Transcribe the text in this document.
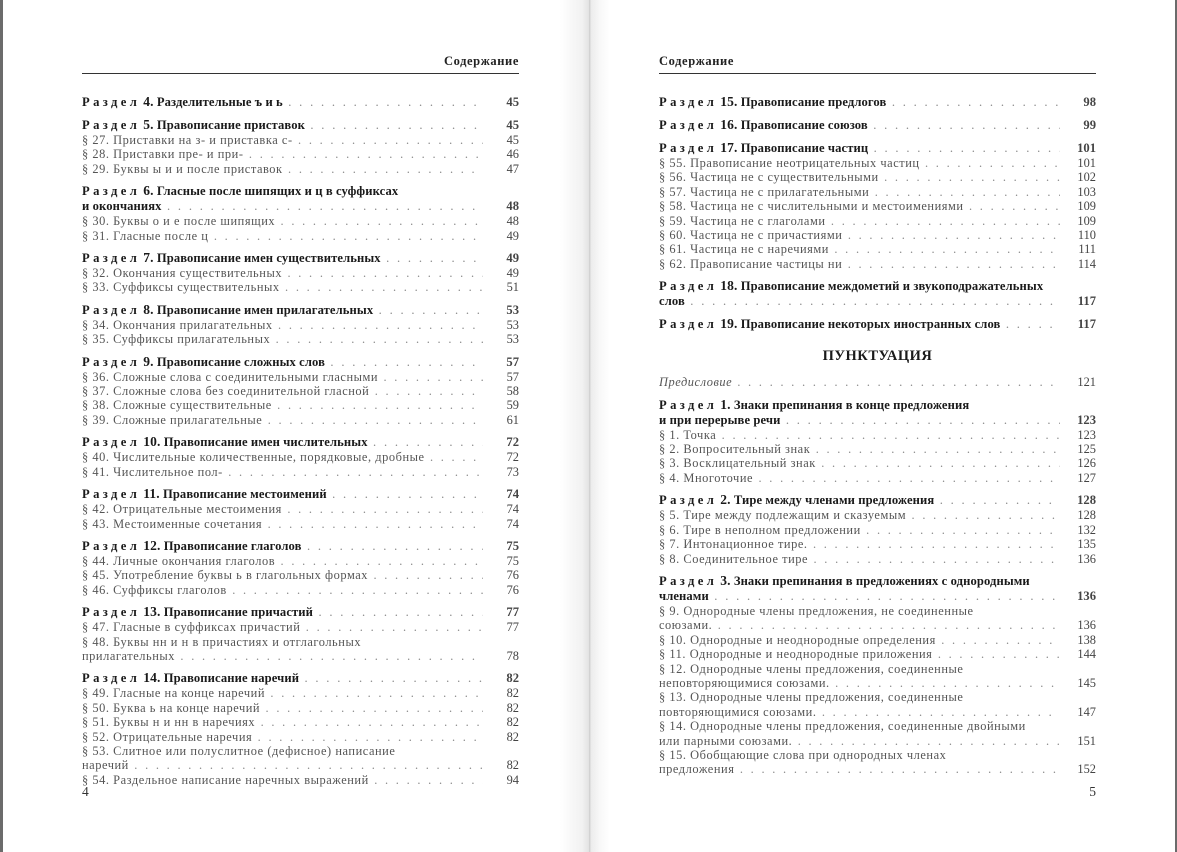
Содержание
Раздел 4. Разделительные ъ и ь . . .	45
Раздел 5. Правописание приставок . . .	45
§ 27. Приставки на з- и приставка с- . . .	45
§ 28. Приставки пре- и при- . . .	46
§ 29. Буквы ы и и после приставок . . .	47
Раздел 6. Гласные после шипящих и ц в суффиксах
и окончаниях . . .	48
§ 30. Буквы о и е после шипящих . . .	48
§ 31. Гласные после ц . . .	49
Раздел 7. Правописание имен существительных . . .	49
§ 32. Окончания существительных . . .	49
§ 33. Суффиксы существительных . . .	51
Раздел 8. Правописание имен прилагательных . . .	53
§ 34. Окончания прилагательных . . .	53
§ 35. Суффиксы прилагательных . . .	53
Раздел 9. Правописание сложных слов . . .	57
§ 36. Сложные слова с соединительными гласными . . .	57
§ 37. Сложные слова без соединительной гласной . . .	58
§ 38. Сложные существительные . . .	59
§ 39. Сложные прилагательные . . .	61
Раздел 10. Правописание имен числительных . . .	72
§ 40. Числительные количественные, порядковые, дробные . . .	72
§ 41. Числительное пол- . . .	73
Раздел 11. Правописание местоимений . . .	74
§ 42. Отрицательные местоимения . . .	74
§ 43. Местоименные сочетания . . .	74
Раздел 12. Правописание глаголов . . .	75
§ 44. Личные окончания глаголов . . .	75
§ 45. Употребление буквы ь в глагольных формах . . .	76
§ 46. Суффиксы глаголов . . .	76
Раздел 13. Правописание причастий . . .	77
§ 47. Гласные в суффиксах причастий . . .	77
§ 48. Буквы нн и н в причастиях и отглагольных
прилагательных . . .	78
Раздел 14. Правописание наречий . . .	82
§ 49. Гласные на конце наречий . . .	82
§ 50. Буква ь на конце наречий . . .	82
§ 51. Буквы н и нн в наречиях . . .	82
§ 52. Отрицательные наречия . . .	82
§ 53. Слитное или полуслитное (дефисное) написание
наречий . . .	82
§ 54. Раздельное написание наречных выражений . . .	94
4
Содержание
Раздел 15. Правописание предлогов . . .	98
Раздел 16. Правописание союзов . . .	99
Раздел 17. Правописание частиц . . .	101
§ 55. Правописание неотрицательных частиц . . .	101
§ 56. Частица не с существительными . . .	102
§ 57. Частица не с прилагательными . . .	103
§ 58. Частица не с числительными и местоимениями . . .	109
§ 59. Частица не с глаголами . . .	109
§ 60. Частица не с причастиями . . .	110
§ 61. Частица не с наречиями . . .	111
§ 62. Правописание частицы ни . . .	114
Раздел 18. Правописание междометий и звукоподражательных
слов . . .	117
Раздел 19. Правописание некоторых иностранных слов . . .	117
ПУНКТУАЦИЯ
Предисловие . . .	121
Раздел 1. Знаки препинания в конце предложения
и при перерыве речи . . .	123
§ 1. Точка . . .	123
§ 2. Вопросительный знак . . .	125
§ 3. Восклицательный знак . . .	126
§ 4. Многоточие . . .	127
Раздел 2. Тире между членами предложения . . .	128
§ 5. Тире между подлежащим и сказуемым . . .	128
§ 6. Тире в неполном предложении . . .	132
§ 7. Интонационное тире. . . .	135
§ 8. Соединительное тире . . .	136
Раздел 3. Знаки препинания в предложениях с однородными
членами . . .	136
§ 9. Однородные члены предложения, не соединенные
союзами. . . .	136
§ 10. Однородные и неоднородные определения . . .	138
§ 11. Однородные и неоднородные приложения . . .	144
§ 12. Однородные члены предложения, соединенные
неповторяющимися союзами. . . .	145
§ 13. Однородные члены предложения, соединенные
повторяющимися союзами. . . .	147
§ 14. Однородные члены предложения, соединенные двойными
или парными союзами. . . .	151
§ 15. Обобщающие слова при однородных членах
предложения . . .	152
5
